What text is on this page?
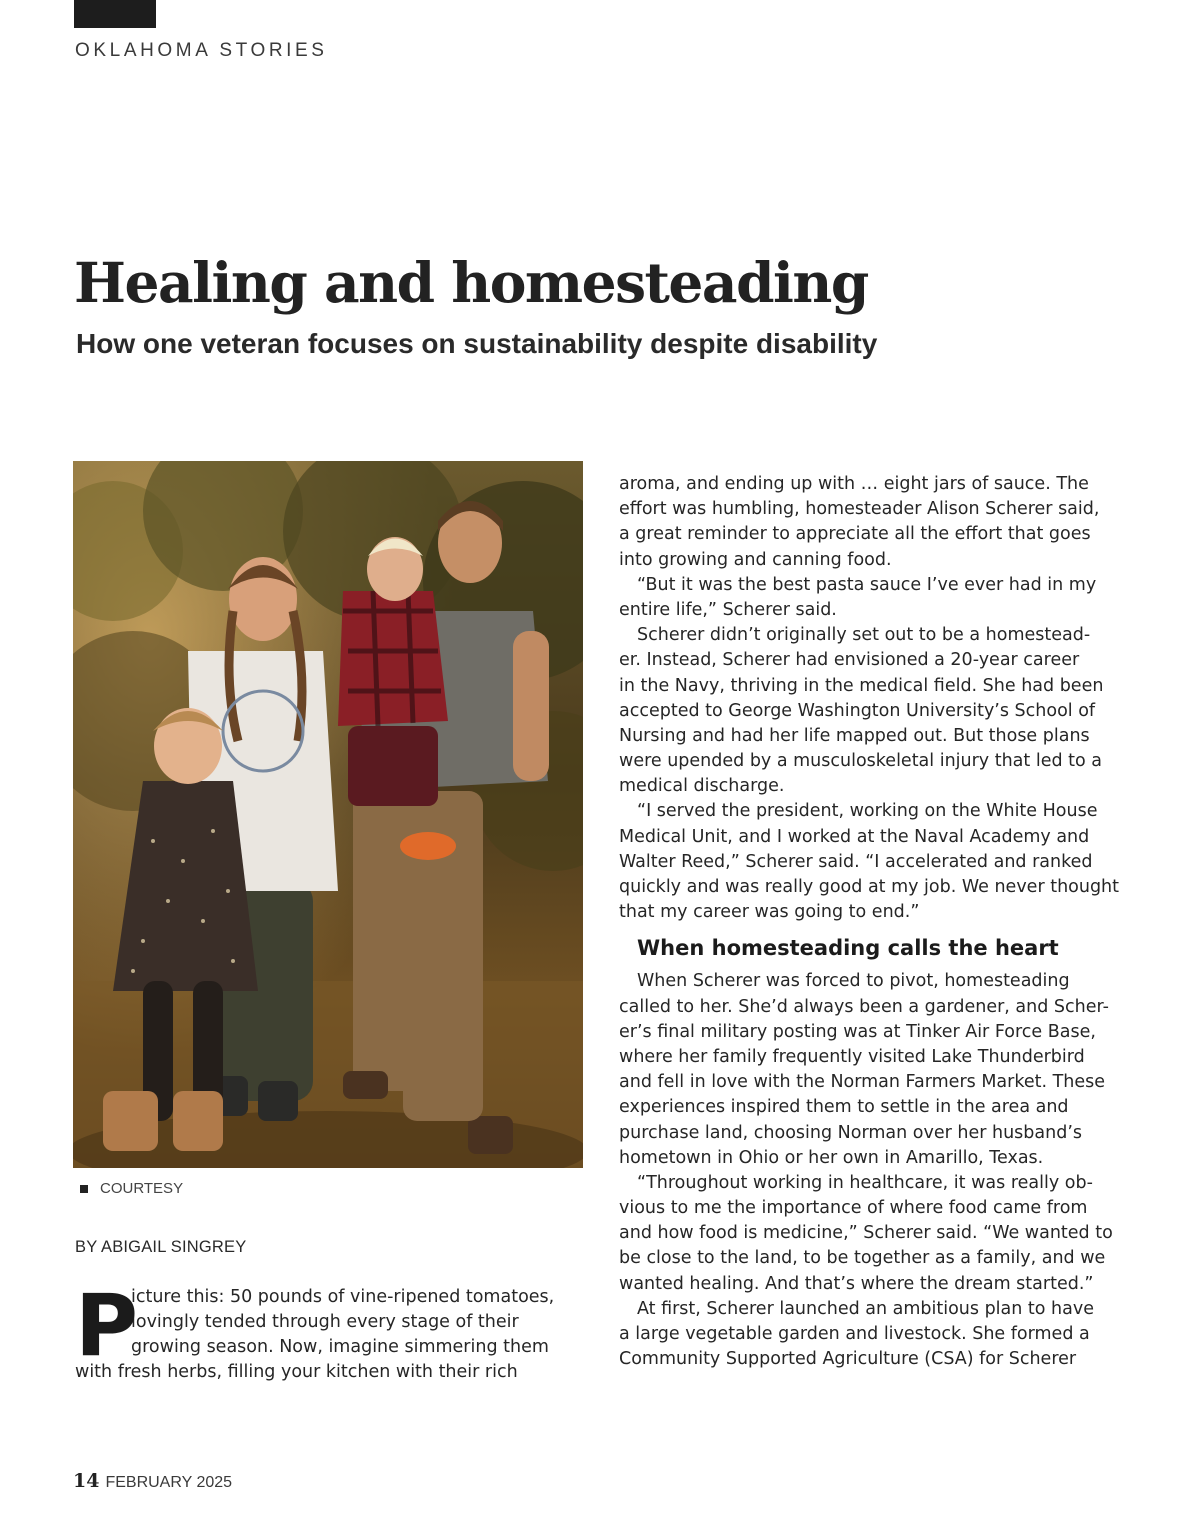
OKLAHOMA STORIES
Healing and homesteading
How one veteran focuses on sustainability despite disability
COURTESY
BY ABIGAIL SINGREY
P
icture this: 50 pounds of vine-ripened tomatoes,
lovingly tended through every stage of their
growing season. Now, imagine simmering them
with fresh herbs, filling your kitchen with their rich
aroma, and ending up with … eight jars of sauce. The
effort was humbling, homesteader Alison Scherer said,
a great reminder to appreciate all the effort that goes
into growing and canning food.
“But it was the best pasta sauce I’ve ever had in my
entire life,” Scherer said.
Scherer didn’t originally set out to be a homestead-
er. Instead, Scherer had envisioned a 20-year career
in the Navy, thriving in the medical field. She had been
accepted to George Washington University’s School of
Nursing and had her life mapped out. But those plans
were upended by a musculoskeletal injury that led to a
medical discharge.
“I served the president, working on the White House
Medical Unit, and I worked at the Naval Academy and
Walter Reed,” Scherer said. “I accelerated and ranked
quickly and was really good at my job. We never thought
that my career was going to end.”
When homesteading calls the heart
When Scherer was forced to pivot, homesteading
called to her. She’d always been a gardener, and Scher-
er’s final military posting was at Tinker Air Force Base,
where her family frequently visited Lake Thunderbird
and fell in love with the Norman Farmers Market. These
experiences inspired them to settle in the area and
purchase land, choosing Norman over her husband’s
hometown in Ohio or her own in Amarillo, Texas.
“Throughout working in healthcare, it was really ob-
vious to me the importance of where food came from
and how food is medicine,” Scherer said. “We wanted to
be close to the land, to be together as a family, and we
wanted healing. And that’s where the dream started.”
At first, Scherer launched an ambitious plan to have
a large vegetable garden and livestock. She formed a
Community Supported Agriculture (CSA) for Scherer
14 FEBRUARY 2025
